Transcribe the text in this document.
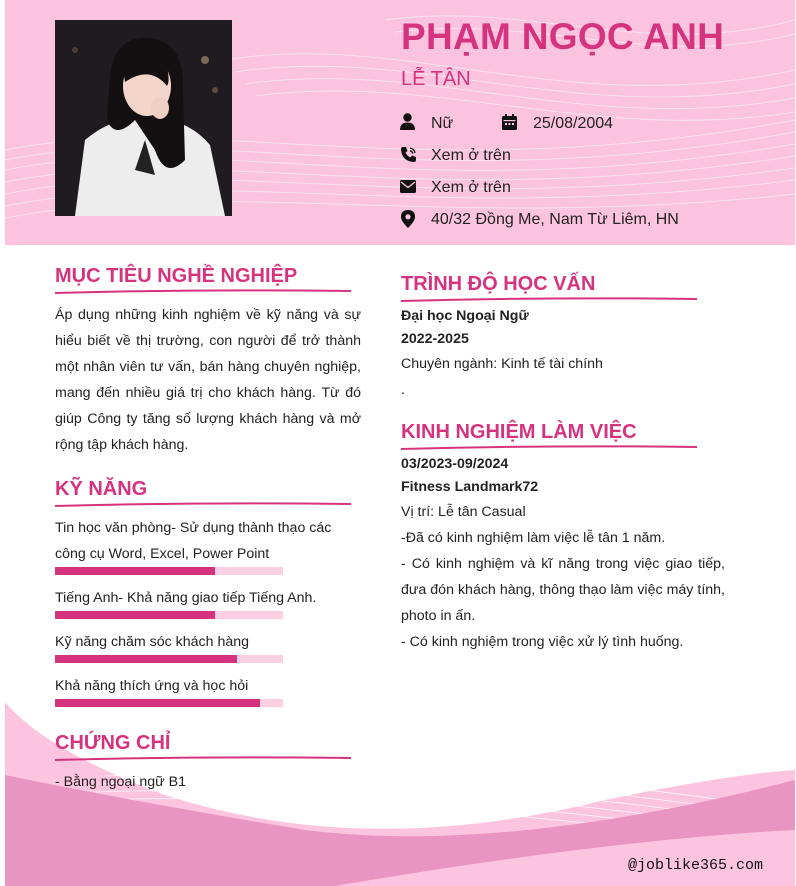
PHẠM NGỌC ANH
LỄ TÂN
Nữ	25/08/2004
Xem ở trên
Xem ở trên
40/32 Đồng Me, Nam Từ Liêm, HN
MỤC TIÊU NGHỀ NGHIỆP
Áp dụng những kinh nghiệm về kỹ năng và sự hiểu biết về thị trường, con người để trở thành một nhân viên tư vấn, bán hàng chuyên nghiệp, mang đến nhiều giá trị cho khách hàng. Từ đó giúp Công ty tăng số lượng khách hàng và mở rộng tập khách hàng.
KỸ NĂNG
Tin học văn phòng- Sử dụng thành thạo các công cụ Word, Excel, Power Point
Tiếng Anh- Khả năng giao tiếp Tiếng Anh.
Kỹ năng chăm sóc khách hàng
Khả năng thích ứng và học hỏi
CHỨNG CHỈ
- Bằng ngoại ngữ B1
TRÌNH ĐỘ HỌC VẤN
Đại học Ngoại Ngữ
2022-2025
Chuyên ngành: Kinh tế tài chính
.
KINH NGHIỆM LÀM VIỆC
03/2023-09/2024
Fitness Landmark72
Vị trí: Lễ tân Casual
-Đã có kinh nghiệm làm việc lễ tân 1 năm.
- Có kinh nghiệm và kĩ năng trong việc giao tiếp, đưa đón khách hàng, thông thạo làm việc máy tính, photo in ấn.
- Có kinh nghiệm trong việc xử lý tình huống.
@joblike365.com
